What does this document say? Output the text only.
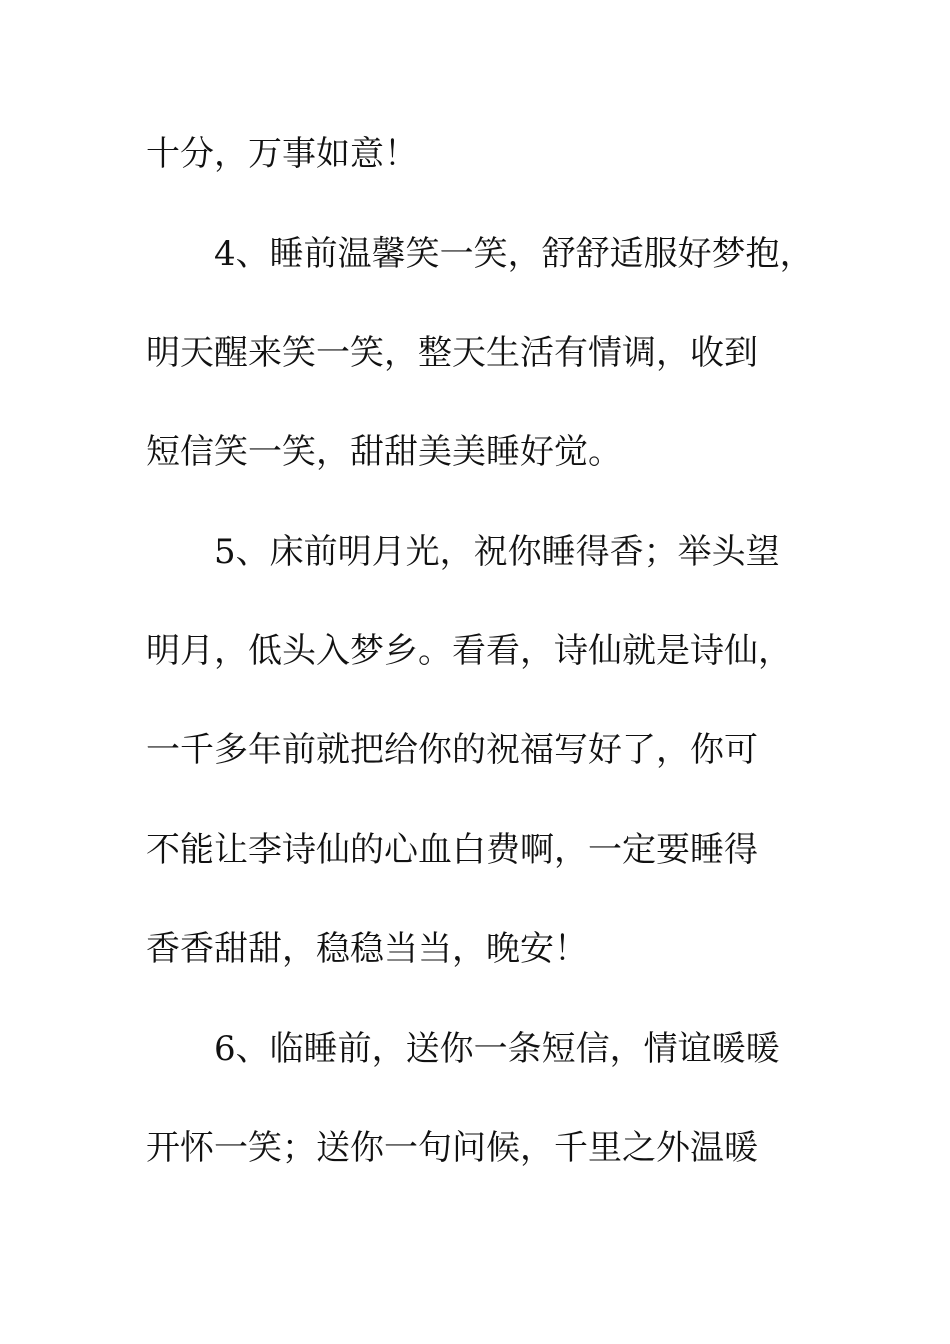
十分，万事如意！

4、睡前温馨笑一笑，舒舒适服好梦抱，

明天醒来笑一笑，整天生活有情调，收到

短信笑一笑，甜甜美美睡好觉。

5、床前明月光，祝你睡得香；举头望

明月，低头入梦乡。看看，诗仙就是诗仙，

一千多年前就把给你的祝福写好了，你可

不能让李诗仙的心血白费啊，一定要睡得

香香甜甜，稳稳当当，晚安！

6、临睡前，送你一条短信，情谊暖暖

开怀一笑；送你一句问候，千里之外温暖
